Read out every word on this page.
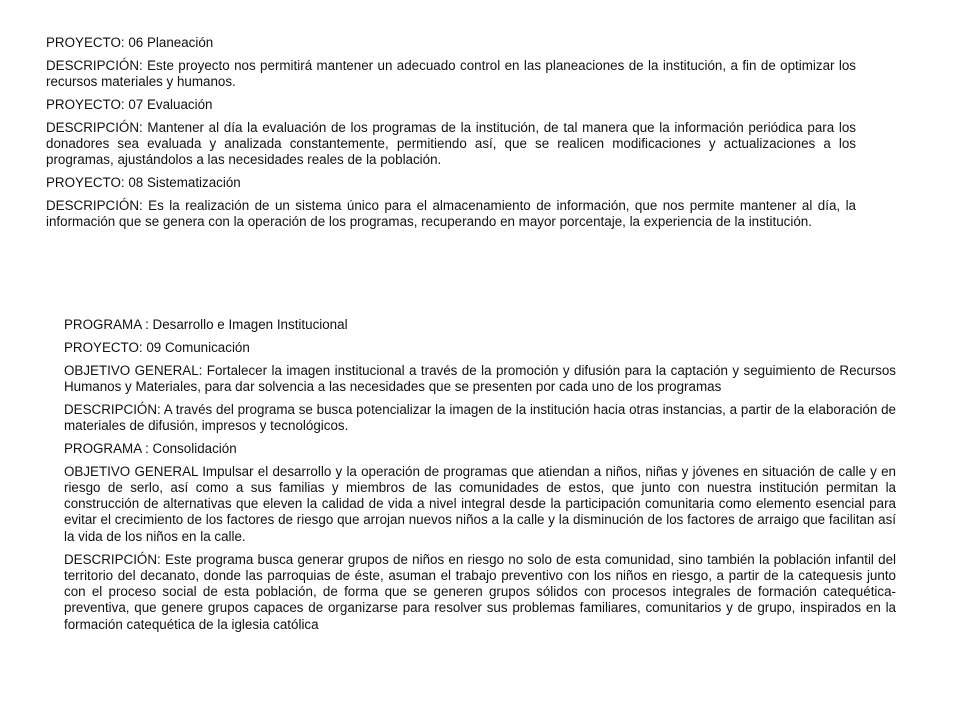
PROYECTO: 06 Planeación

DESCRIPCIÓN: Este proyecto nos permitirá mantener un adecuado control en las planeaciones de la institución, a fin de optimizar los recursos materiales y humanos.

PROYECTO: 07 Evaluación

DESCRIPCIÓN: Mantener al día la evaluación de los programas de la institución, de tal manera que la información periódica para los donadores sea evaluada y analizada constantemente, permitiendo así, que se realicen modificaciones y actualizaciones a los programas, ajustándolos a las necesidades reales de la población.

PROYECTO: 08 Sistematización

DESCRIPCIÓN: Es la realización de un sistema único para el almacenamiento de información, que nos permite mantener al día, la información que se genera con la operación de los programas, recuperando en mayor porcentaje, la experiencia de la institución.

PROGRAMA : Desarrollo e Imagen Institucional

PROYECTO: 09 Comunicación

OBJETIVO GENERAL: Fortalecer la imagen institucional a través de la promoción y difusión para la captación y seguimiento de Recursos Humanos y Materiales, para dar solvencia a las necesidades que se presenten por cada uno de los programas

DESCRIPCIÓN: A través del programa se busca potencializar la imagen de la institución hacia otras instancias, a partir de la elaboración de materiales de difusión, impresos y tecnológicos.

PROGRAMA : Consolidación

OBJETIVO GENERAL Impulsar el desarrollo y la operación de programas que atiendan a niños, niñas y jóvenes en situación de calle y en riesgo de serlo, así como a sus familias y miembros de las comunidades de estos, que junto con nuestra institución permitan la construcción de alternativas que eleven la calidad de vida a nivel integral desde la participación comunitaria como elemento esencial para evitar el crecimiento de los factores de riesgo que arrojan nuevos niños a la calle y la disminución de los factores de arraigo que facilitan así la vida de los niños en la calle.

DESCRIPCIÓN: Este programa busca generar grupos de niños en riesgo no solo de esta comunidad, sino también la población infantil del territorio del decanato, donde las parroquias de éste, asuman el trabajo preventivo con los niños en riesgo, a partir de la catequesis junto con el proceso social de esta población, de forma que se generen grupos sólidos con procesos integrales de formación catequética-preventiva, que genere grupos capaces de organizarse para resolver sus problemas familiares, comunitarios y de grupo, inspirados en la formación catequética de la iglesia católica
